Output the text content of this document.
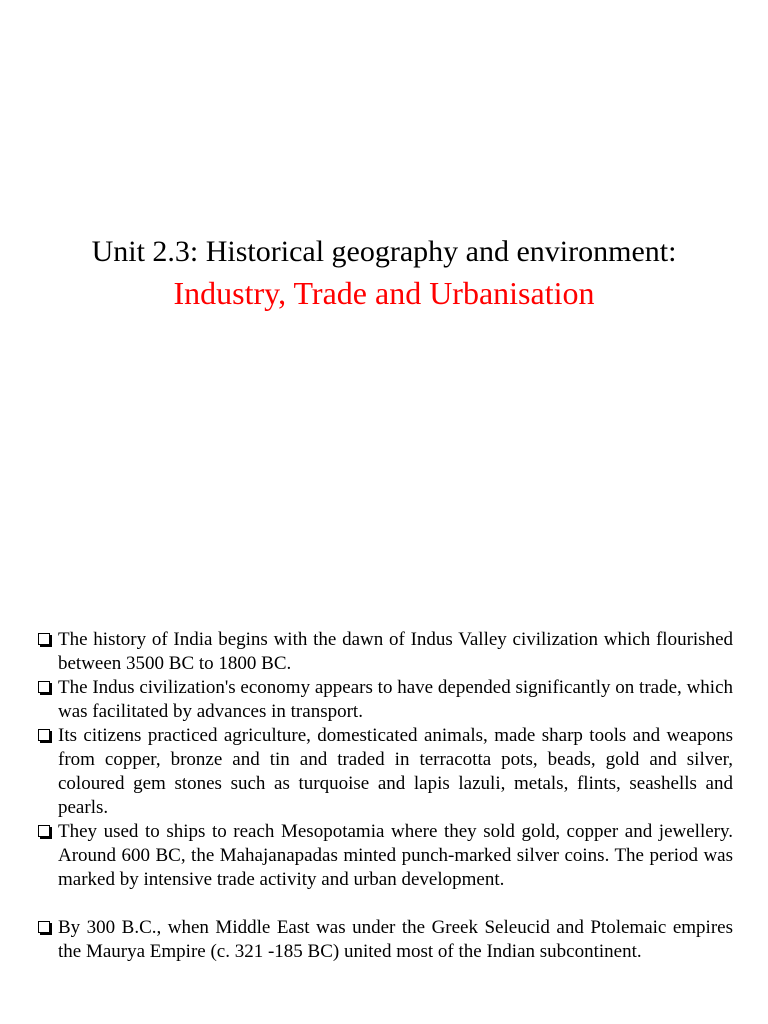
Unit 2.3: Historical geography and environment:
Industry, Trade and Urbanisation

The history of India begins with the dawn of Indus Valley civilization which flourished between 3500 BC to 1800 BC.

The Indus civilization's economy appears to have depended significantly on trade, which was facilitated by advances in transport.

Its citizens practiced agriculture, domesticated animals, made sharp tools and weapons from copper, bronze and tin and traded in terracotta pots, beads, gold and silver, coloured gem stones such as turquoise and lapis lazuli, metals, flints, seashells and pearls.

They used to ships to reach Mesopotamia where they sold gold, copper and jewellery. Around 600 BC, the Mahajanapadas minted punch-marked silver coins. The period was marked by intensive trade activity and urban development.

By 300 B.C., when Middle East was under the Greek Seleucid and Ptolemaic empires the Maurya Empire (c. 321 -185 BC) united most of the Indian subcontinent.
